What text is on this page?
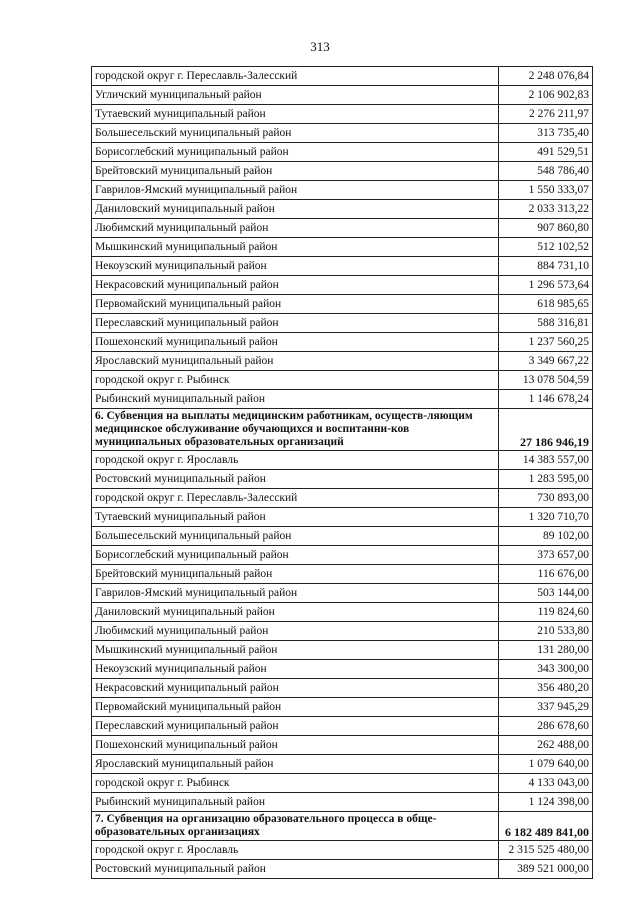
313
городской округ г. Переславль-Залесский	2 248 076,84
Угличский муниципальный район	2 106 902,83
Тутаевский муниципальный район	2 276 211,97
Большесельский муниципальный район	313 735,40
Борисоглебский муниципальный район	491 529,51
Брейтовский муниципальный район	548 786,40
Гаврилов-Ямский муниципальный район	1 550 333,07
Даниловский муниципальный район	2 033 313,22
Любимский муниципальный район	907 860,80
Мышкинский муниципальный район	512 102,52
Некоузский муниципальный район	884 731,10
Некрасовский муниципальный район	1 296 573,64
Первомайский муниципальный район	618 985,65
Переславский муниципальный район	588 316,81
Пошехонский муниципальный район	1 237 560,25
Ярославский муниципальный район	3 349 667,22
городской округ г. Рыбинск	13 078 504,59
Рыбинский муниципальный район	1 146 678,24
6. Субвенция на выплаты медицинским работникам, осуществ-ляющим медицинское обслуживание обучающихся и воспитанни-ков муниципальных образовательных организаций	27 186 946,19
городской округ г. Ярославль	14 383 557,00
Ростовский муниципальный район	1 283 595,00
городской округ г. Переславль-Залесский	730 893,00
Тутаевский муниципальный район	1 320 710,70
Большесельский муниципальный район	89 102,00
Борисоглебский муниципальный район	373 657,00
Брейтовский муниципальный район	116 676,00
Гаврилов-Ямский муниципальный район	503 144,00
Даниловский муниципальный район	119 824,60
Любимский муниципальный район	210 533,80
Мышкинский муниципальный район	131 280,00
Некоузский муниципальный район	343 300,00
Некрасовский муниципальный район	356 480,20
Первомайский муниципальный район	337 945,29
Переславский муниципальный район	286 678,60
Пошехонский муниципальный район	262 488,00
Ярославский муниципальный район	1 079 640,00
городской округ г. Рыбинск	4 133 043,00
Рыбинский муниципальный район	1 124 398,00
7. Субвенция на организацию образовательного процесса в обще-образовательных организациях	6 182 489 841,00
городской округ г. Ярославль	2 315 525 480,00
Ростовский муниципальный район	389 521 000,00
